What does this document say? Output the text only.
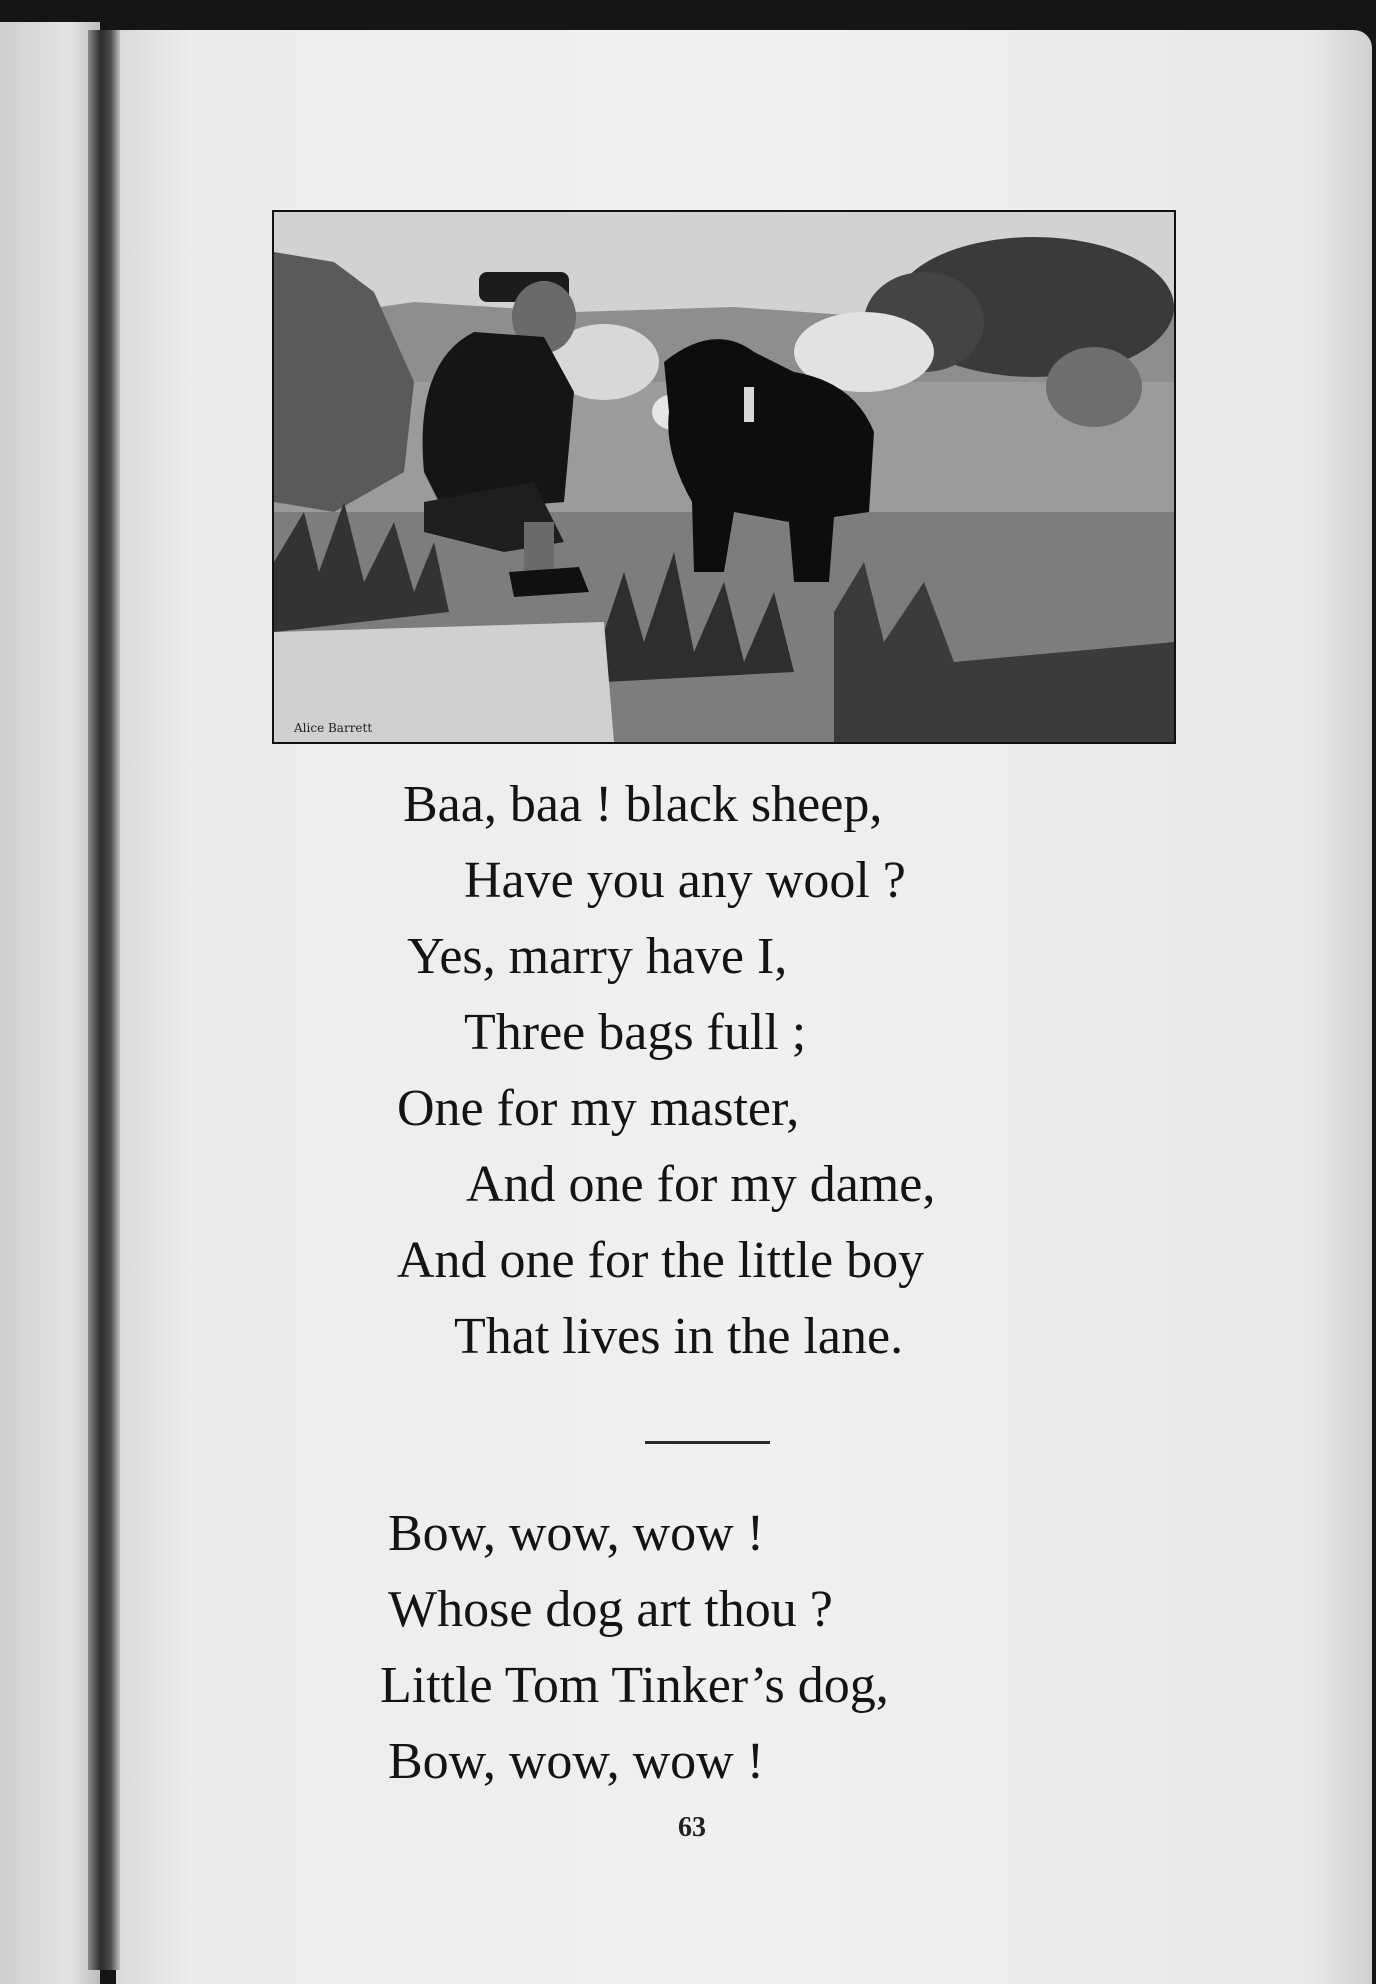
Alice Barrett
Baa, baa ! black sheep,
Have you any wool ?
Yes, marry have I,
Three bags full ;
One for my master,
And one for my dame,
And one for the little boy
That lives in the lane.
Bow, wow, wow !
Whose dog art thou ?
Little Tom Tinker’s dog,
Bow, wow, wow !
63
